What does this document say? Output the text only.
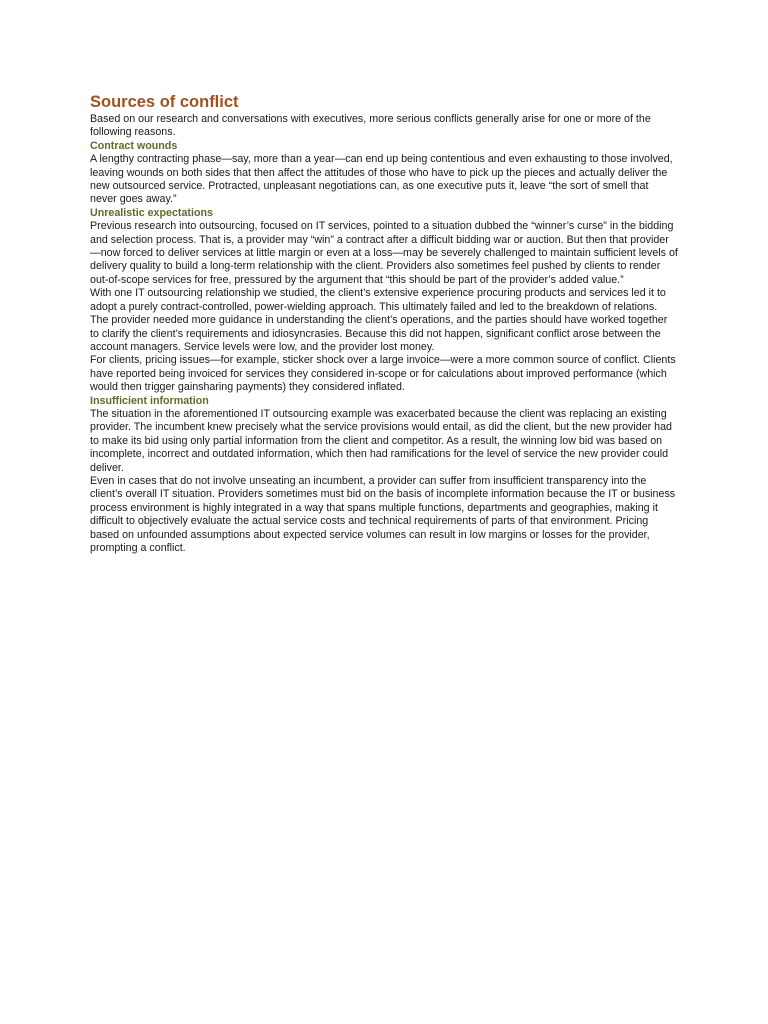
Sources of conflict

Based on our research and conversations with executives, more serious conflicts generally arise for one or more of the following reasons.

Contract wounds

A lengthy contracting phase—say, more than a year—can end up being contentious and even exhausting to those involved, leaving wounds on both sides that then affect the attitudes of those who have to pick up the pieces and actually deliver the new outsourced service. Protracted, unpleasant negotiations can, as one executive puts it, leave “the sort of smell that never goes away.”

Unrealistic expectations

Previous research into outsourcing, focused on IT services, pointed to a situation dubbed the “winner’s curse” in the bidding and selection process. That is, a provider may “win” a contract after a difficult bidding war or auction. But then that provider—now forced to deliver services at little margin or even at a loss—may be severely challenged to maintain sufficient levels of delivery quality to build a long-term relationship with the client. Providers also sometimes feel pushed by clients to render out-of-scope services for free, pressured by the argument that “this should be part of the provider’s added value.”

With one IT outsourcing relationship we studied, the client’s extensive experience procuring products and services led it to adopt a purely contract-controlled, power-wielding approach. This ultimately failed and led to the breakdown of relations. The provider needed more guidance in understanding the client’s operations, and the parties should have worked together to clarify the client’s requirements and idiosyncrasies. Because this did not happen, significant conflict arose between the account managers. Service levels were low, and the provider lost money.

For clients, pricing issues—for example, sticker shock over a large invoice—were a more common source of conflict. Clients have reported being invoiced for services they considered in-scope or for calculations about improved performance (which would then trigger gainsharing payments) they considered inflated.

Insufficient information

The situation in the aforementioned IT outsourcing example was exacerbated because the client was replacing an existing provider. The incumbent knew precisely what the service provisions would entail, as did the client, but the new provider had to make its bid using only partial information from the client and competitor. As a result, the winning low bid was based on incomplete, incorrect and outdated information, which then had ramifications for the level of service the new provider could deliver.

Even in cases that do not involve unseating an incumbent, a provider can suffer from insufficient transparency into the client’s overall IT situation. Providers sometimes must bid on the basis of incomplete information because the IT or business process environment is highly integrated in a way that spans multiple functions, departments and geographies, making it difficult to objectively evaluate the actual service costs and technical requirements of parts of that environment. Pricing based on unfounded assumptions about expected service volumes can result in low margins or losses for the provider, prompting a conflict.
